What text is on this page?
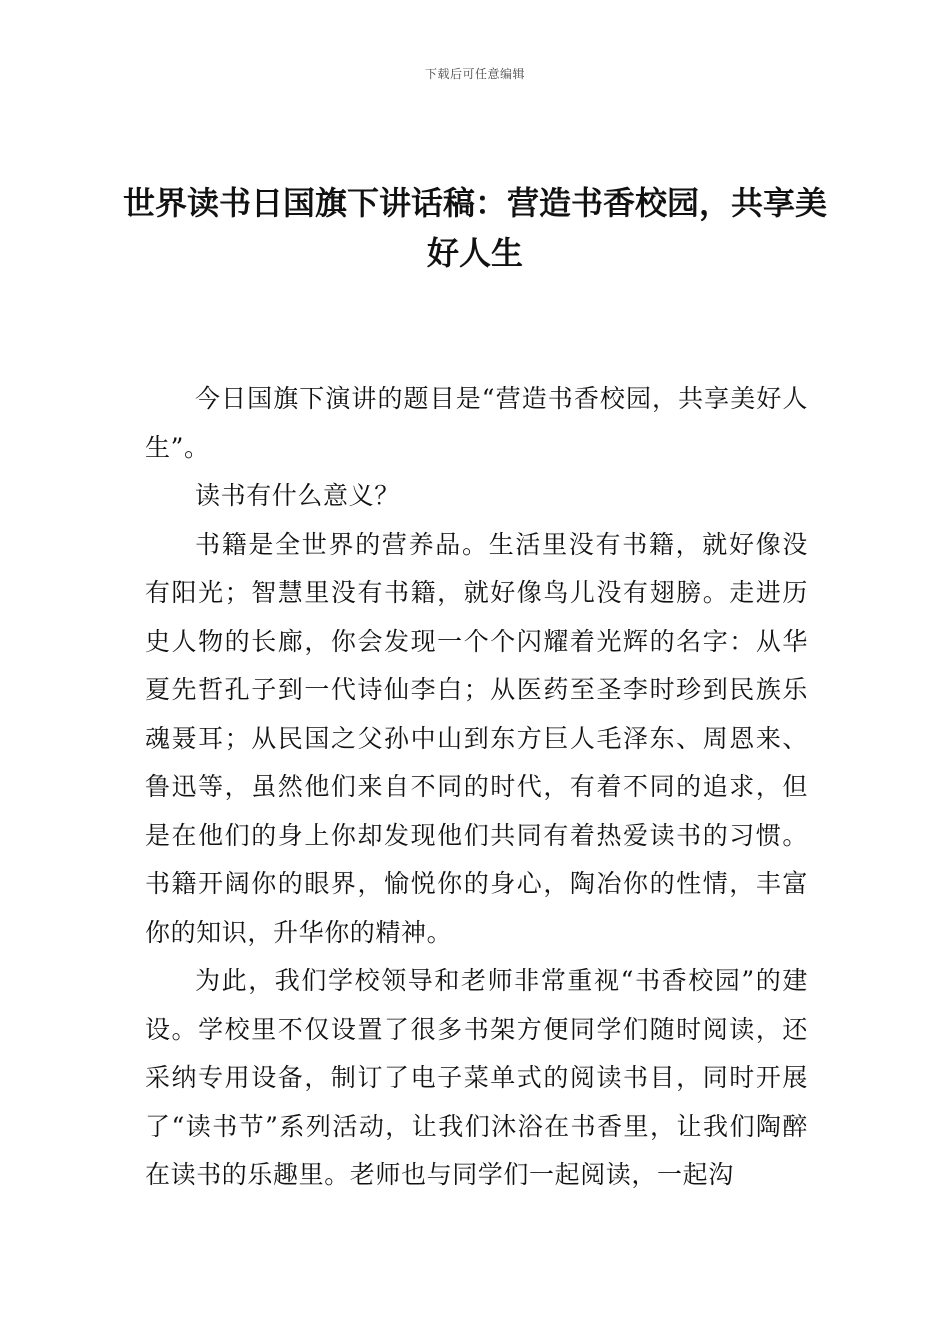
下载后可任意编辑
世界读书日国旗下讲话稿：营造书香校园，共享美好人生

今日国旗下演讲的题目是“营造书香校园，共享美好人生”。

读书有什么意义？

书籍是全世界的营养品。生活里没有书籍，就好像没有阳光；智慧里没有书籍，就好像鸟儿没有翅膀。走进历史人物的长廊，你会发现一个个闪耀着光辉的名字：从华夏先哲孔子到一代诗仙李白；从医药至圣李时珍到民族乐魂聂耳；从民国之父孙中山到东方巨人毛泽东、周恩来、鲁迅等，虽然他们来自不同的时代，有着不同的追求，但是在他们的身上你却发现他们共同有着热爱读书的习惯。书籍开阔你的眼界，愉悦你的身心，陶冶你的性情，丰富你的知识，升华你的精神。

为此，我们学校领导和老师非常重视“书香校园”的建设。学校里不仅设置了很多书架方便同学们随时阅读，还采纳专用设备，制订了电子菜单式的阅读书目，同时开展了“读书节”系列活动，让我们沐浴在书香里，让我们陶醉在读书的乐趣里。老师也与同学们一起阅读，一起沟
